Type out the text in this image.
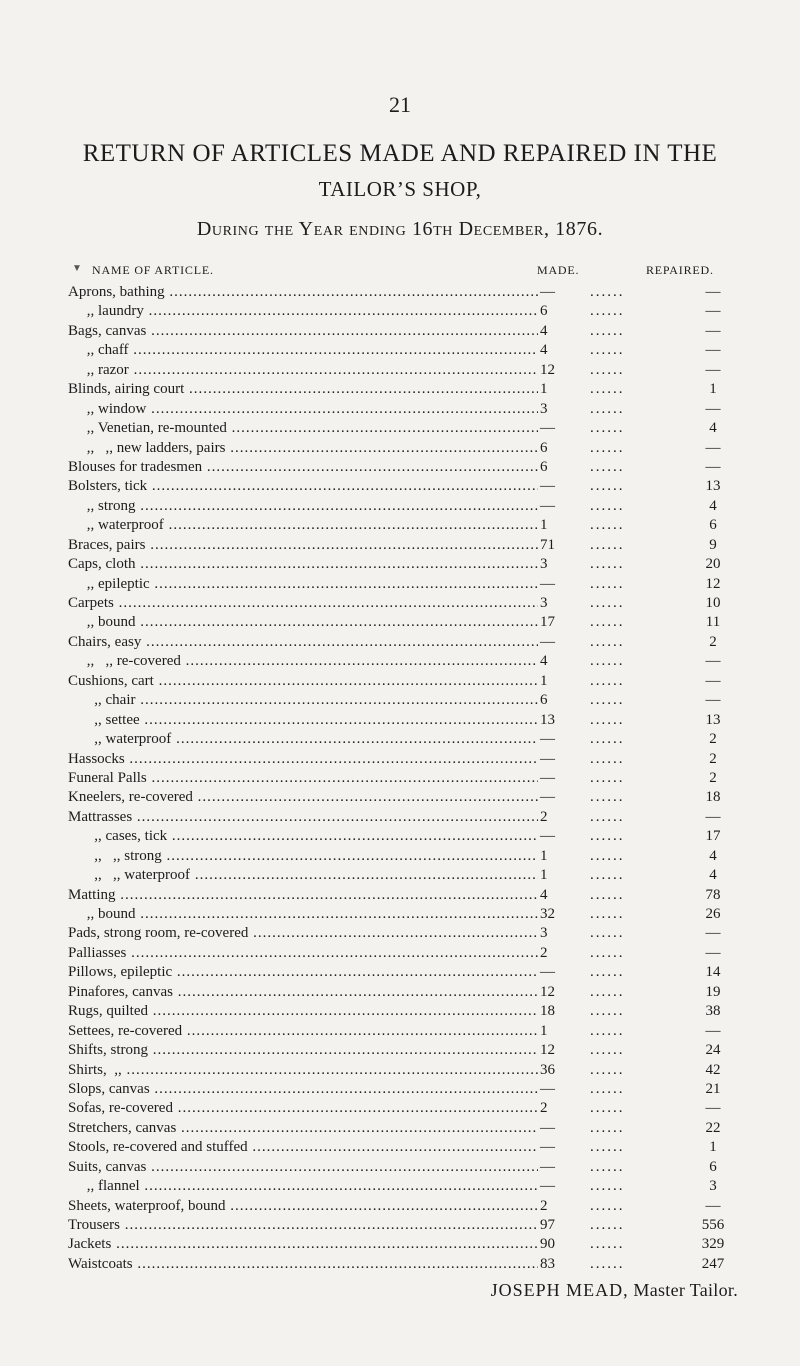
21
RETURN OF ARTICLES MADE AND REPAIRED IN THE
TAILOR’S SHOP,
During the Year ending 16th December, 1876.
▼ NAME OF ARTICLE.	MADE.	REPAIRED.
Aprons, bathing .....	— ......	—
,, laundry .....	6 ......	—
Bags, canvas .....	4 ......	—
,, chaff .....	4 ......	—
,, razor .....	12 ......	—
Blinds, airing court .....	1 ......	1
,, window .....	3 ......	—
,, Venetian, re-mounted .....	— ......	4
,,   ,, new ladders, pairs .....	6 ......	—
Blouses for tradesmen .....	6 ......	—
Bolsters, tick .....	— ......	13
,, strong .....	— ......	4
,, waterproof .....	1 ......	6
Braces, pairs .....	71 ......	9
Caps, cloth .....	3 ......	20
,, epileptic .....	— ......	12
Carpets .....	3 ......	10
,, bound .....	17 ......	11
Chairs, easy .....	— ......	2
,,   ,, re-covered .....	4 ......	—
Cushions, cart .....	1 ......	—
,, chair .....	6 ......	—
,, settee .....	13 ......	13
,, waterproof .....	— ......	2
Hassocks .....	— ......	2
Funeral Palls .....	— ......	2
Kneelers, re-covered .....	— ......	18
Mattrasses .....	2 ......	—
,, cases, tick .....	— ......	17
,,   ,, strong .....	1 ......	4
,,   ,, waterproof .....	1 ......	4
Matting .....	4 ......	78
,, bound .....	32 ......	26
Pads, strong room, re-covered .....	3 ......	—
Palliasses .....	2 ......	—
Pillows, epileptic .....	— ......	14
Pinafores, canvas .....	12 ......	19
Rugs, quilted .....	18 ......	38
Settees, re-covered .....	1 ......	—
Shifts, strong .....	12 ......	24
Shirts,  ,, .....	36 ......	42
Slops, canvas .....	— ......	21
Sofas, re-covered .....	2 ......	—
Stretchers, canvas .....	— ......	22
Stools, re-covered and stuffed .....	— ......	1
Suits, canvas .....	— ......	6
,, flannel .....	— ......	3
Sheets, waterproof, bound .....	2 ......	—
Trousers .....	97 ......	556
Jackets .....	90 ......	329
Waistcoats .....	83 ......	247
JOSEPH MEAD, Master Tailor.
